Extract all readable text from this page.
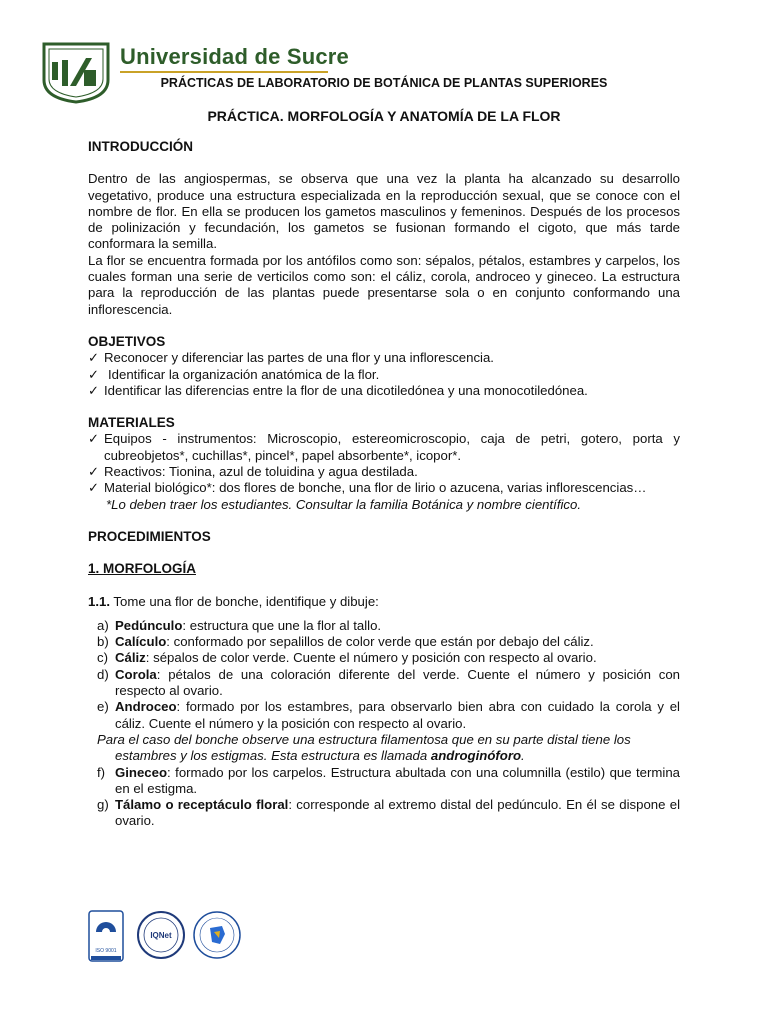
Universidad de Sucre
PRÁCTICAS DE LABORATORIO DE BOTÁNICA DE PLANTAS SUPERIORES
PRÁCTICA. MORFOLOGÍA Y ANATOMÍA DE LA FLOR
INTRODUCCIÓN

Dentro de las angiospermas, se observa que una vez la planta ha alcanzado su desarrollo vegetativo, produce una estructura especializada en la reproducción sexual, que se conoce con el nombre de flor. En ella se producen los gametos masculinos y femeninos. Después de los procesos de polinización y fecundación, los gametos se fusionan formando el cigoto, que más tarde conformara la semilla.

La flor se encuentra formada por los antófilos como son: sépalos, pétalos, estambres y carpelos, los cuales forman una serie de verticilos como son: el cáliz, corola, androceo y gineceo. La estructura para la reproducción de las plantas puede presentarse sola o en conjunto conformando una inflorescencia.

OBJETIVOS
✓ Reconocer y diferenciar las partes de una flor y una inflorescencia.
✓ Identificar la organización anatómica de la flor.
✓ Identificar las diferencias entre la flor de una dicotiledónea y una monocotiledónea.
MATERIALES
✓ Equipos - instrumentos: Microscopio, estereomicroscopio, caja de petri, gotero, porta y cubreobjetos*, cuchillas*, pincel*, papel absorbente*, icopor*.
✓ Reactivos: Tionina, azul de toluidina y agua destilada.
✓ Material biológico*: dos flores de bonche, una flor de lirio o azucena, varias inflorescencias…

*Lo deben traer los estudiantes. Consultar la familia Botánica y nombre científico.

PROCEDIMIENTOS
1. MORFOLOGÍA

1.1. Tome una flor de bonche, identifique y dibuje:

a) Pedúnculo: estructura que une la flor al tallo.
b) Calículo: conformado por sepalillos de color verde que están por debajo del cáliz.
c) Cáliz: sépalos de color verde. Cuente el número y posición con respecto al ovario.
d) Corola: pétalos de una coloración diferente del verde. Cuente el número y posición con respecto al ovario.
e) Androceo: formado por los estambres, para observarlo bien abra con cuidado la corola y el cáliz. Cuente el número y la posición con respecto al ovario.

Para el caso del bonche observe una estructura filamentosa que en su parte distal tiene los
estambres y los estigmas. Esta estructura es llamada androginóforo.

f) Gineceo: formado por los carpelos. Estructura abultada con una columnilla (estilo) que termina en el estigma.
g) Tálamo o receptáculo floral: corresponde al extremo distal del pedúnculo. En él se dispone el ovario.
ISO 9001
IQNet
